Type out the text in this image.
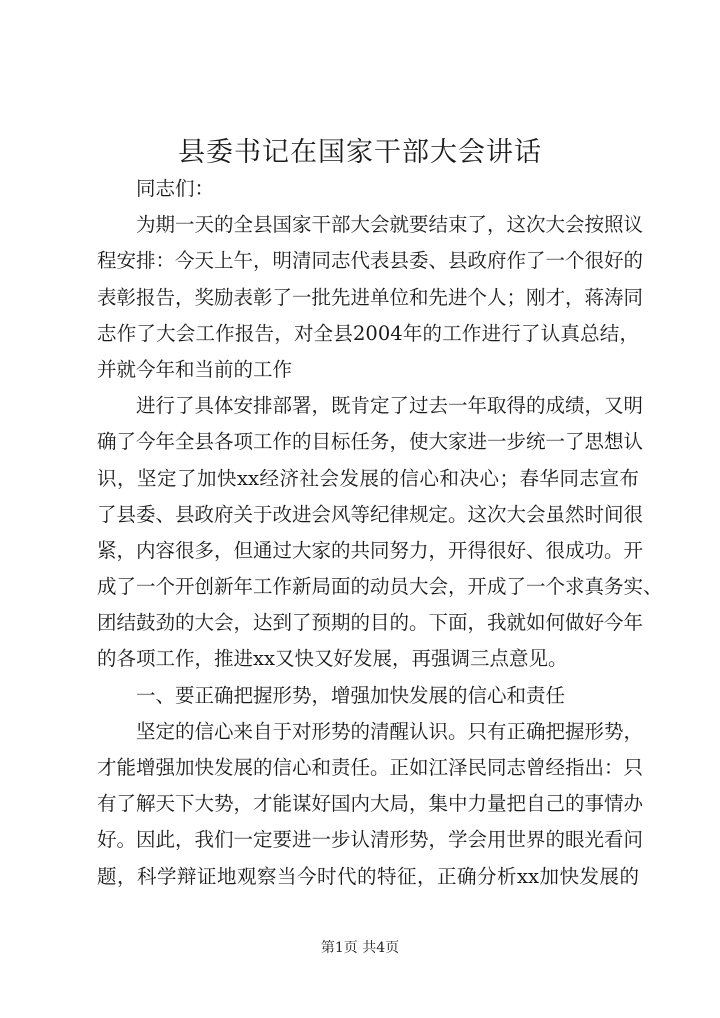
县委书记在国家干部大会讲话
同志们：
为期一天的全县国家干部大会就要结束了，这次大会按照议
程安排：今天上午，明清同志代表县委、县政府作了一个很好的
表彰报告，奖励表彰了一批先进单位和先进个人；刚才，蒋涛同
志作了大会工作报告，对全县2004年的工作进行了认真总结，
并就今年和当前的工作
进行了具体安排部署，既肯定了过去一年取得的成绩，又明
确了今年全县各项工作的目标任务，使大家进一步统一了思想认
识，坚定了加快xx经济社会发展的信心和决心；春华同志宣布
了县委、县政府关于改进会风等纪律规定。这次大会虽然时间很
紧，内容很多，但通过大家的共同努力，开得很好、很成功。开
成了一个开创新年工作新局面的动员大会，开成了一个求真务实、
团结鼓劲的大会，达到了预期的目的。下面，我就如何做好今年
的各项工作，推进xx又快又好发展，再强调三点意见。
一、要正确把握形势，增强加快发展的信心和责任
坚定的信心来自于对形势的清醒认识。只有正确把握形势，
才能增强加快发展的信心和责任。正如江泽民同志曾经指出：只
有了解天下大势，才能谋好国内大局，集中力量把自己的事情办
好。因此，我们一定要进一步认清形势，学会用世界的眼光看问
题，科学辩证地观察当今时代的特征，正确分析xx加快发展的
第1页 共4页
